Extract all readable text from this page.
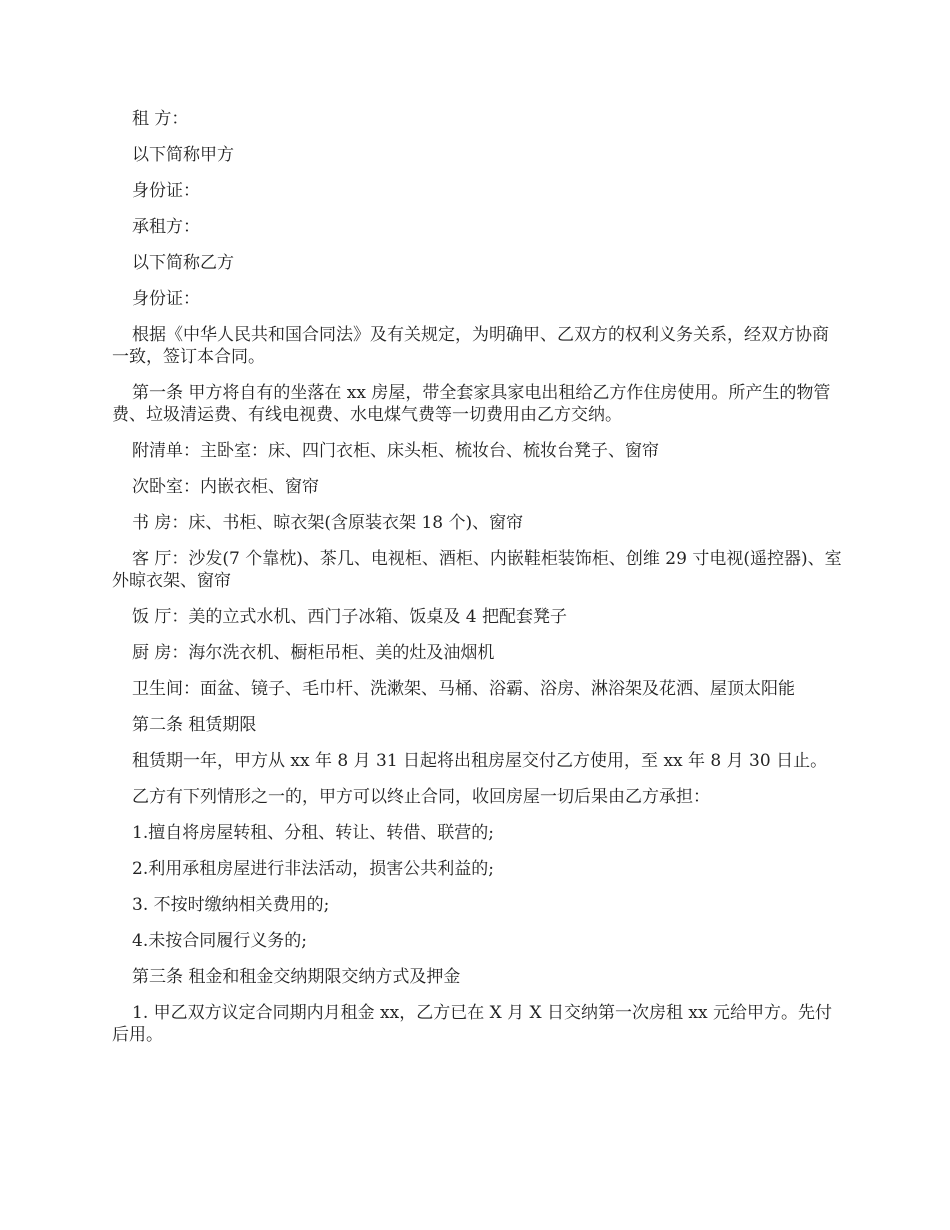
租 方：

以下简称甲方

身份证：

承租方：

以下简称乙方

身份证：

根据《中华人民共和国合同法》及有关规定，为明确甲、乙双方的权利义务关系，经双方协商一致，签订本合同。

第一条 甲方将自有的坐落在 xx 房屋，带全套家具家电出租给乙方作住房使用。所产生的物管费、垃圾清运费、有线电视费、水电煤气费等一切费用由乙方交纳。

附清单：主卧室：床、四门衣柜、床头柜、梳妆台、梳妆台凳子、窗帘

次卧室：内嵌衣柜、窗帘

书 房：床、书柜、晾衣架(含原装衣架 18 个)、窗帘

客 厅：沙发(7 个靠枕)、茶几、电视柜、酒柜、内嵌鞋柜装饰柜、创维 29 寸电视(遥控器)、室外晾衣架、窗帘

饭 厅：美的立式水机、西门子冰箱、饭桌及 4 把配套凳子

厨 房：海尔洗衣机、橱柜吊柜、美的灶及油烟机

卫生间：面盆、镜子、毛巾杆、洗漱架、马桶、浴霸、浴房、淋浴架及花洒、屋顶太阳能

第二条 租赁期限

租赁期一年，甲方从 xx 年 8 月 31 日起将出租房屋交付乙方使用，至 xx 年 8 月 30 日止。

乙方有下列情形之一的，甲方可以终止合同，收回房屋一切后果由乙方承担：

1.擅自将房屋转租、分租、转让、转借、联营的;

2.利用承租房屋进行非法活动，损害公共利益的;

3. 不按时缴纳相关费用的;

4.未按合同履行义务的;

第三条 租金和租金交纳期限交纳方式及押金

1. 甲乙双方议定合同期内月租金 xx，乙方已在 X 月 X 日交纳第一次房租 xx 元给甲方。先付后用。
